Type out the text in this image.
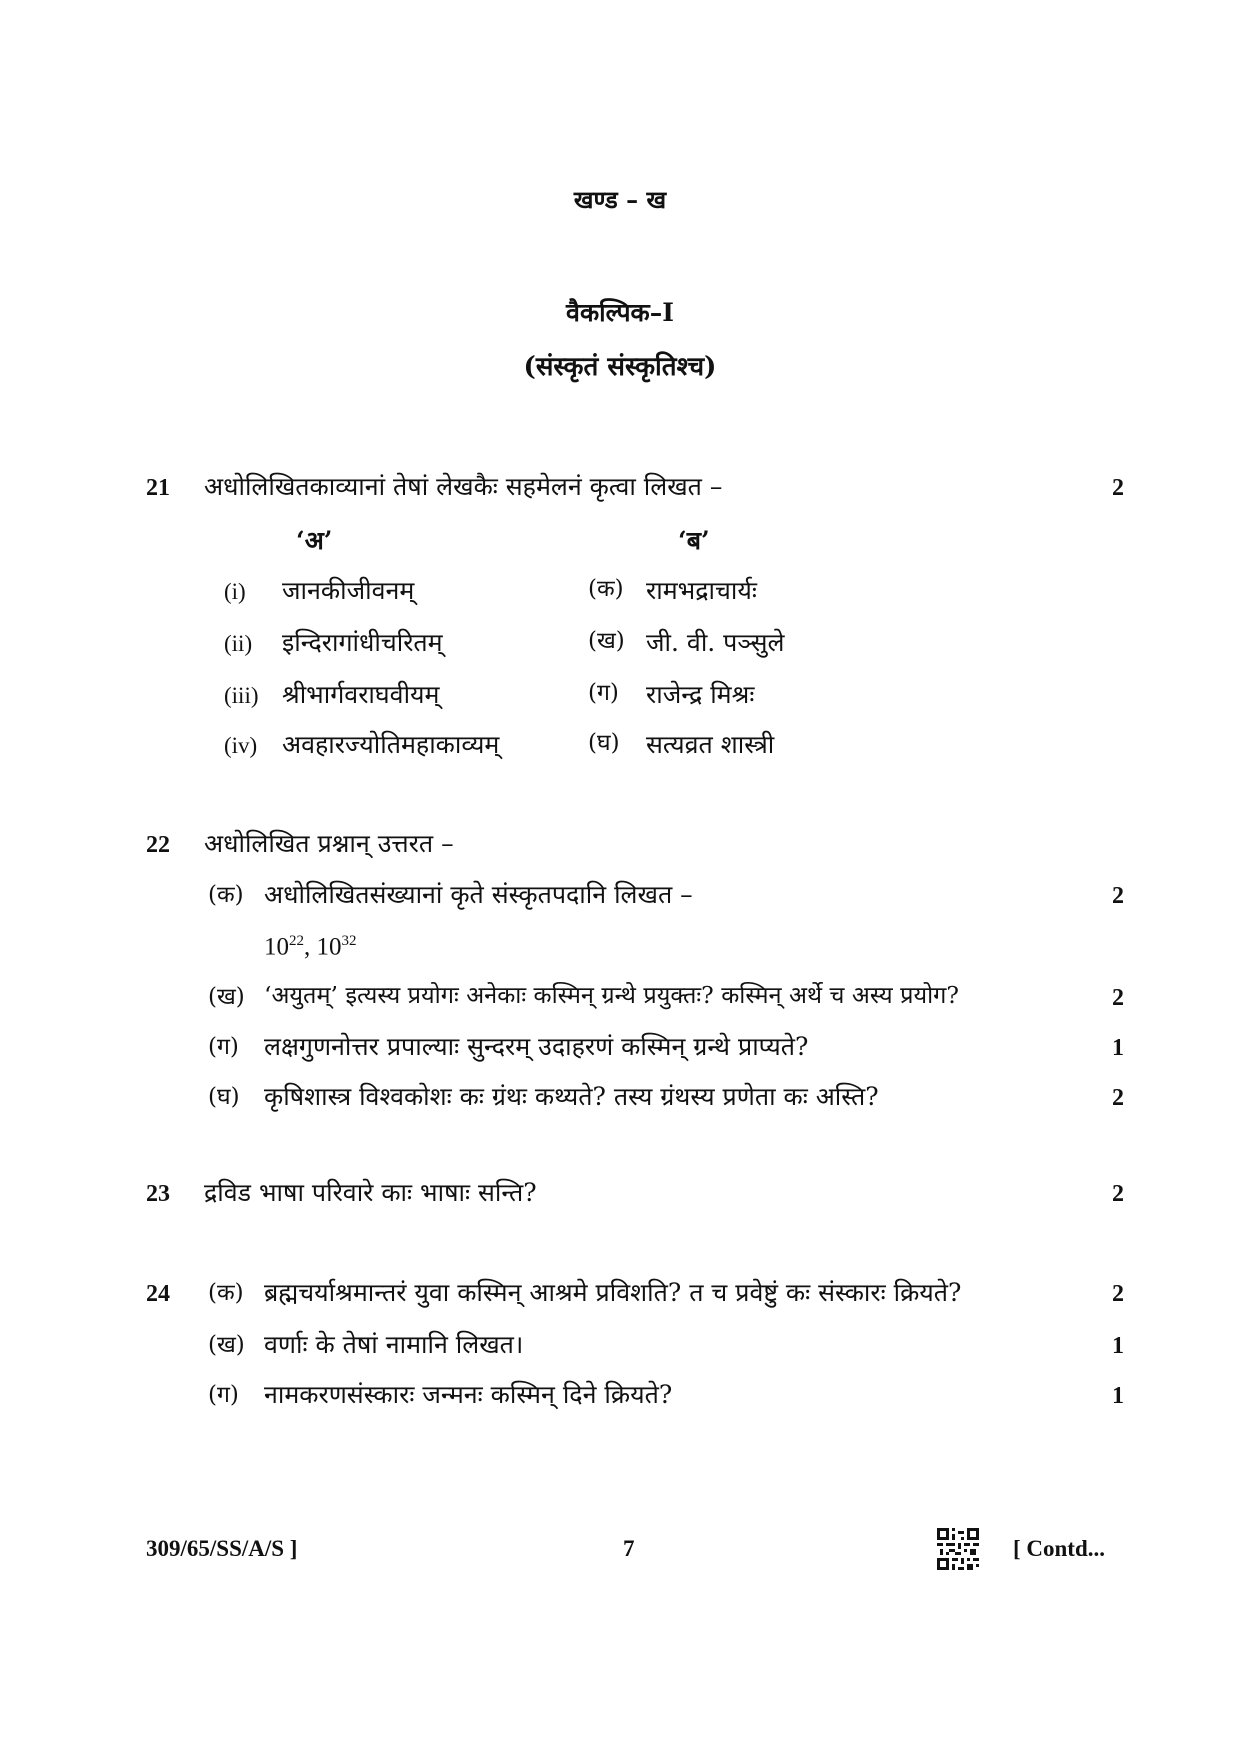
खण्ड – ख
वैकल्पिक–I
(संस्कृतं संस्कृतिश्च)
21 अधोलिखितकाव्यानां तेषां लेखकैः सहमेलनं कृत्वा लिखत –	2
‘अ’	‘ब’
(i) जानकीजीवनम्	(क) रामभद्राचार्यः
(ii) इन्दिरागांधीचरितम्	(ख) जी. वी. पञ्सुले
(iii) श्रीभार्गवराघवीयम्	(ग) राजेन्द्र मिश्रः
(iv) अवहारज्योतिमहाकाव्यम्	(घ) सत्यव्रत शास्त्री
22 अधोलिखित प्रश्नान् उत्तरत –
(क) अधोलिखितसंख्यानां कृते संस्कृतपदानि लिखत –	2
$10^{22}$, $10^{32}$
(ख) ‘अयुतम्’ इत्यस्य प्रयोगः अनेकाः कस्मिन् ग्रन्थे प्रयुक्तः? कस्मिन् अर्थे च अस्य प्रयोग?	2
(ग) लक्षगुणनोत्तर प्रपाल्याः सुन्दरम् उदाहरणं कस्मिन् ग्रन्थे प्राप्यते?	1
(घ) कृषिशास्त्र विश्वकोशः कः ग्रंथः कथ्यते? तस्य ग्रंथस्य प्रणेता कः अस्ति?	2
23 द्रविड भाषा परिवारे काः भाषाः सन्ति?	2
24 (क) ब्रह्मचर्याश्रमान्तरं युवा कस्मिन् आश्रमे प्रविशति? त च प्रवेष्टुं कः संस्कारः क्रियते?	2
(ख) वर्णाः के तेषां नामानि लिखत।	1
(ग) नामकरणसंस्कारः जन्मनः कस्मिन् दिने क्रियते?	1
309/65/SS/A/S ]	7	[ Contd...
